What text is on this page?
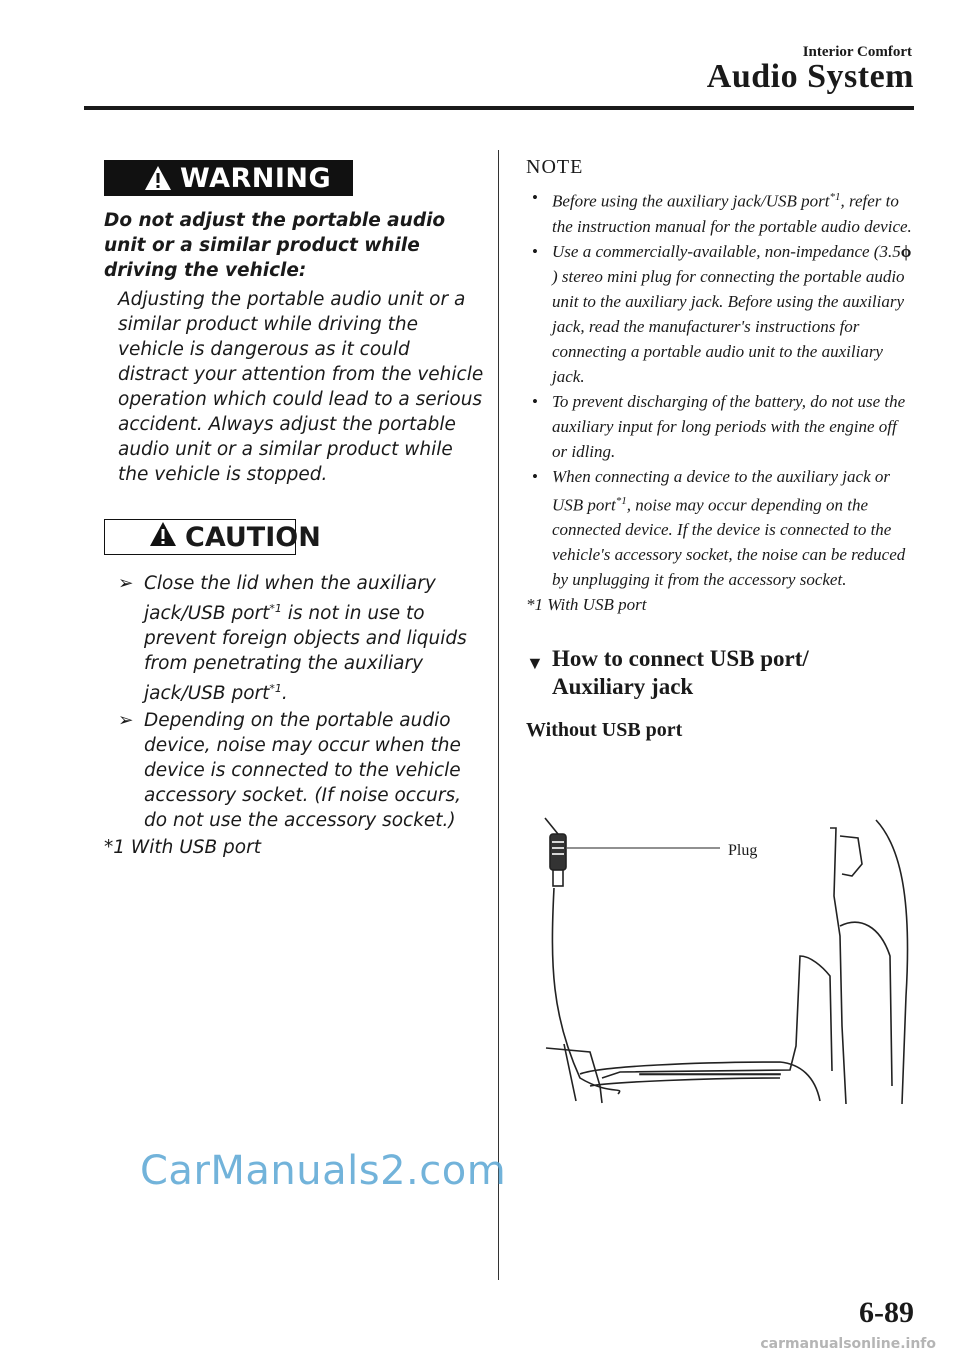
Interior Comfort
Audio System
WARNING
Do not adjust the portable audio unit or a similar product while driving the vehicle:
Adjusting the portable audio unit or a similar product while driving the vehicle is dangerous as it could distract your attention from the vehicle operation which could lead to a serious accident. Always adjust the portable audio unit or a similar product while the vehicle is stopped.
CAUTION
➢ Close the lid when the auxiliary jack/USB port$^{*1}$ is not in use to prevent foreign objects and liquids from penetrating the auxiliary jack/USB port$^{*1}$.
➢ Depending on the portable audio device, noise may occur when the device is connected to the vehicle accessory socket. (If noise occurs, do not use the accessory socket.)
*1 With USB port
NOTE
• Before using the auxiliary jack/USB port$^{*1}$, refer to the instruction manual for the portable audio device.
• Use a commercially-available, non-impedance (3.5ϕ ) stereo mini plug for connecting the portable audio unit to the auxiliary jack. Before using the auxiliary jack, read the manufacturer's instructions for connecting a portable audio unit to the auxiliary jack.
• To prevent discharging of the battery, do not use the auxiliary input for long periods with the engine off or idling.
• When connecting a device to the auxiliary jack or USB port$^{*1}$, noise may occur depending on the connected device. If the device is connected to the vehicle's accessory socket, the noise can be reduced by unplugging it from the accessory socket.
*1 With USB port
▼ How to connect USB port/
Auxiliary jack
Without USB port
Plug
6-89
CarManuals2.com
carmanualsonline.info
